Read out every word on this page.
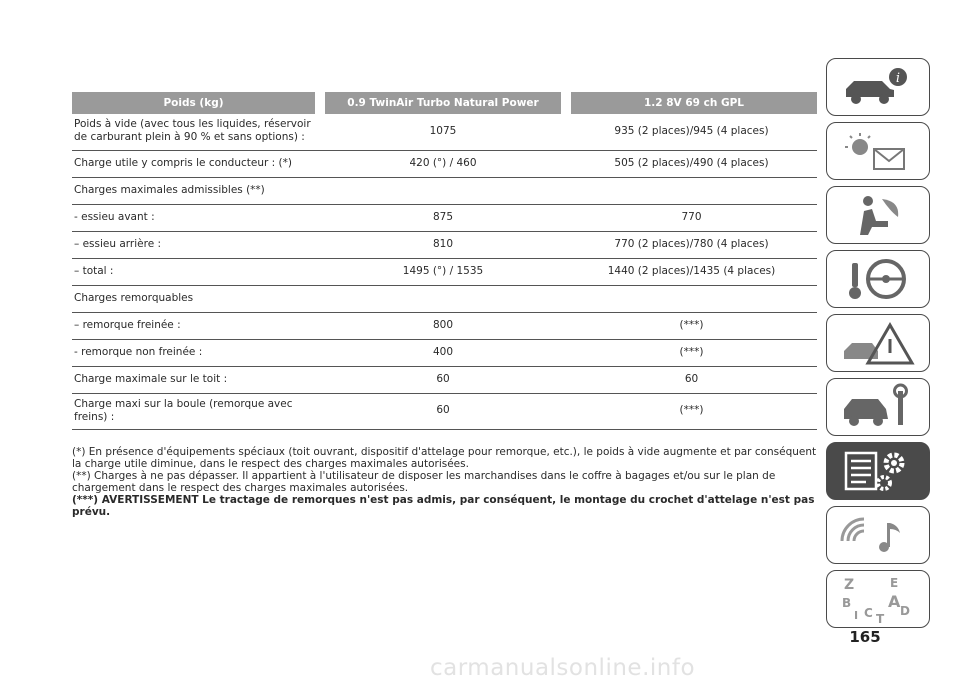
Poids (kg)	0.9 TwinAir Turbo Natural Power	1.2 8V 69 ch GPL
Poids à vide (avec tous les liquides, réservoir de carburant plein à 90 % et sans options) :	1075	935 (2 places)/945 (4 places)
Charge utile y compris le conducteur : (*)	420 (°) / 460	505 (2 places)/490 (4 places)
Charges maximales admissibles (**)		
- essieu avant :	875	770
– essieu arrière :	810	770 (2 places)/780 (4 places)
– total :	1495 (°) / 1535	1440 (2 places)/1435 (4 places)
Charges remorquables		
– remorque freinée :	800	(***)
- remorque non freinée :	400	(***)
Charge maximale sur le toit :	60	60
Charge maxi sur la boule (remorque avec freins) :	60	(***)

(*) En présence d'équipements spéciaux (toit ouvrant, dispositif d'attelage pour remorque, etc.), le poids à vide augmente et par conséquent la charge utile diminue, dans le respect des charges maximales autorisées.

(**) Charges à ne pas dépasser. Il appartient à l'utilisateur de disposer les marchandises dans le coffre à bagages et/ou sur le plan de chargement dans le respect des charges maximales autorisées.

(***) AVERTISSEMENT Le tractage de remorques n'est pas admis, par conséquent, le montage du crochet d'attelage n'est pas prévu.

i
Z	E
B A
C D
I T
165
carmanualsonline.info
